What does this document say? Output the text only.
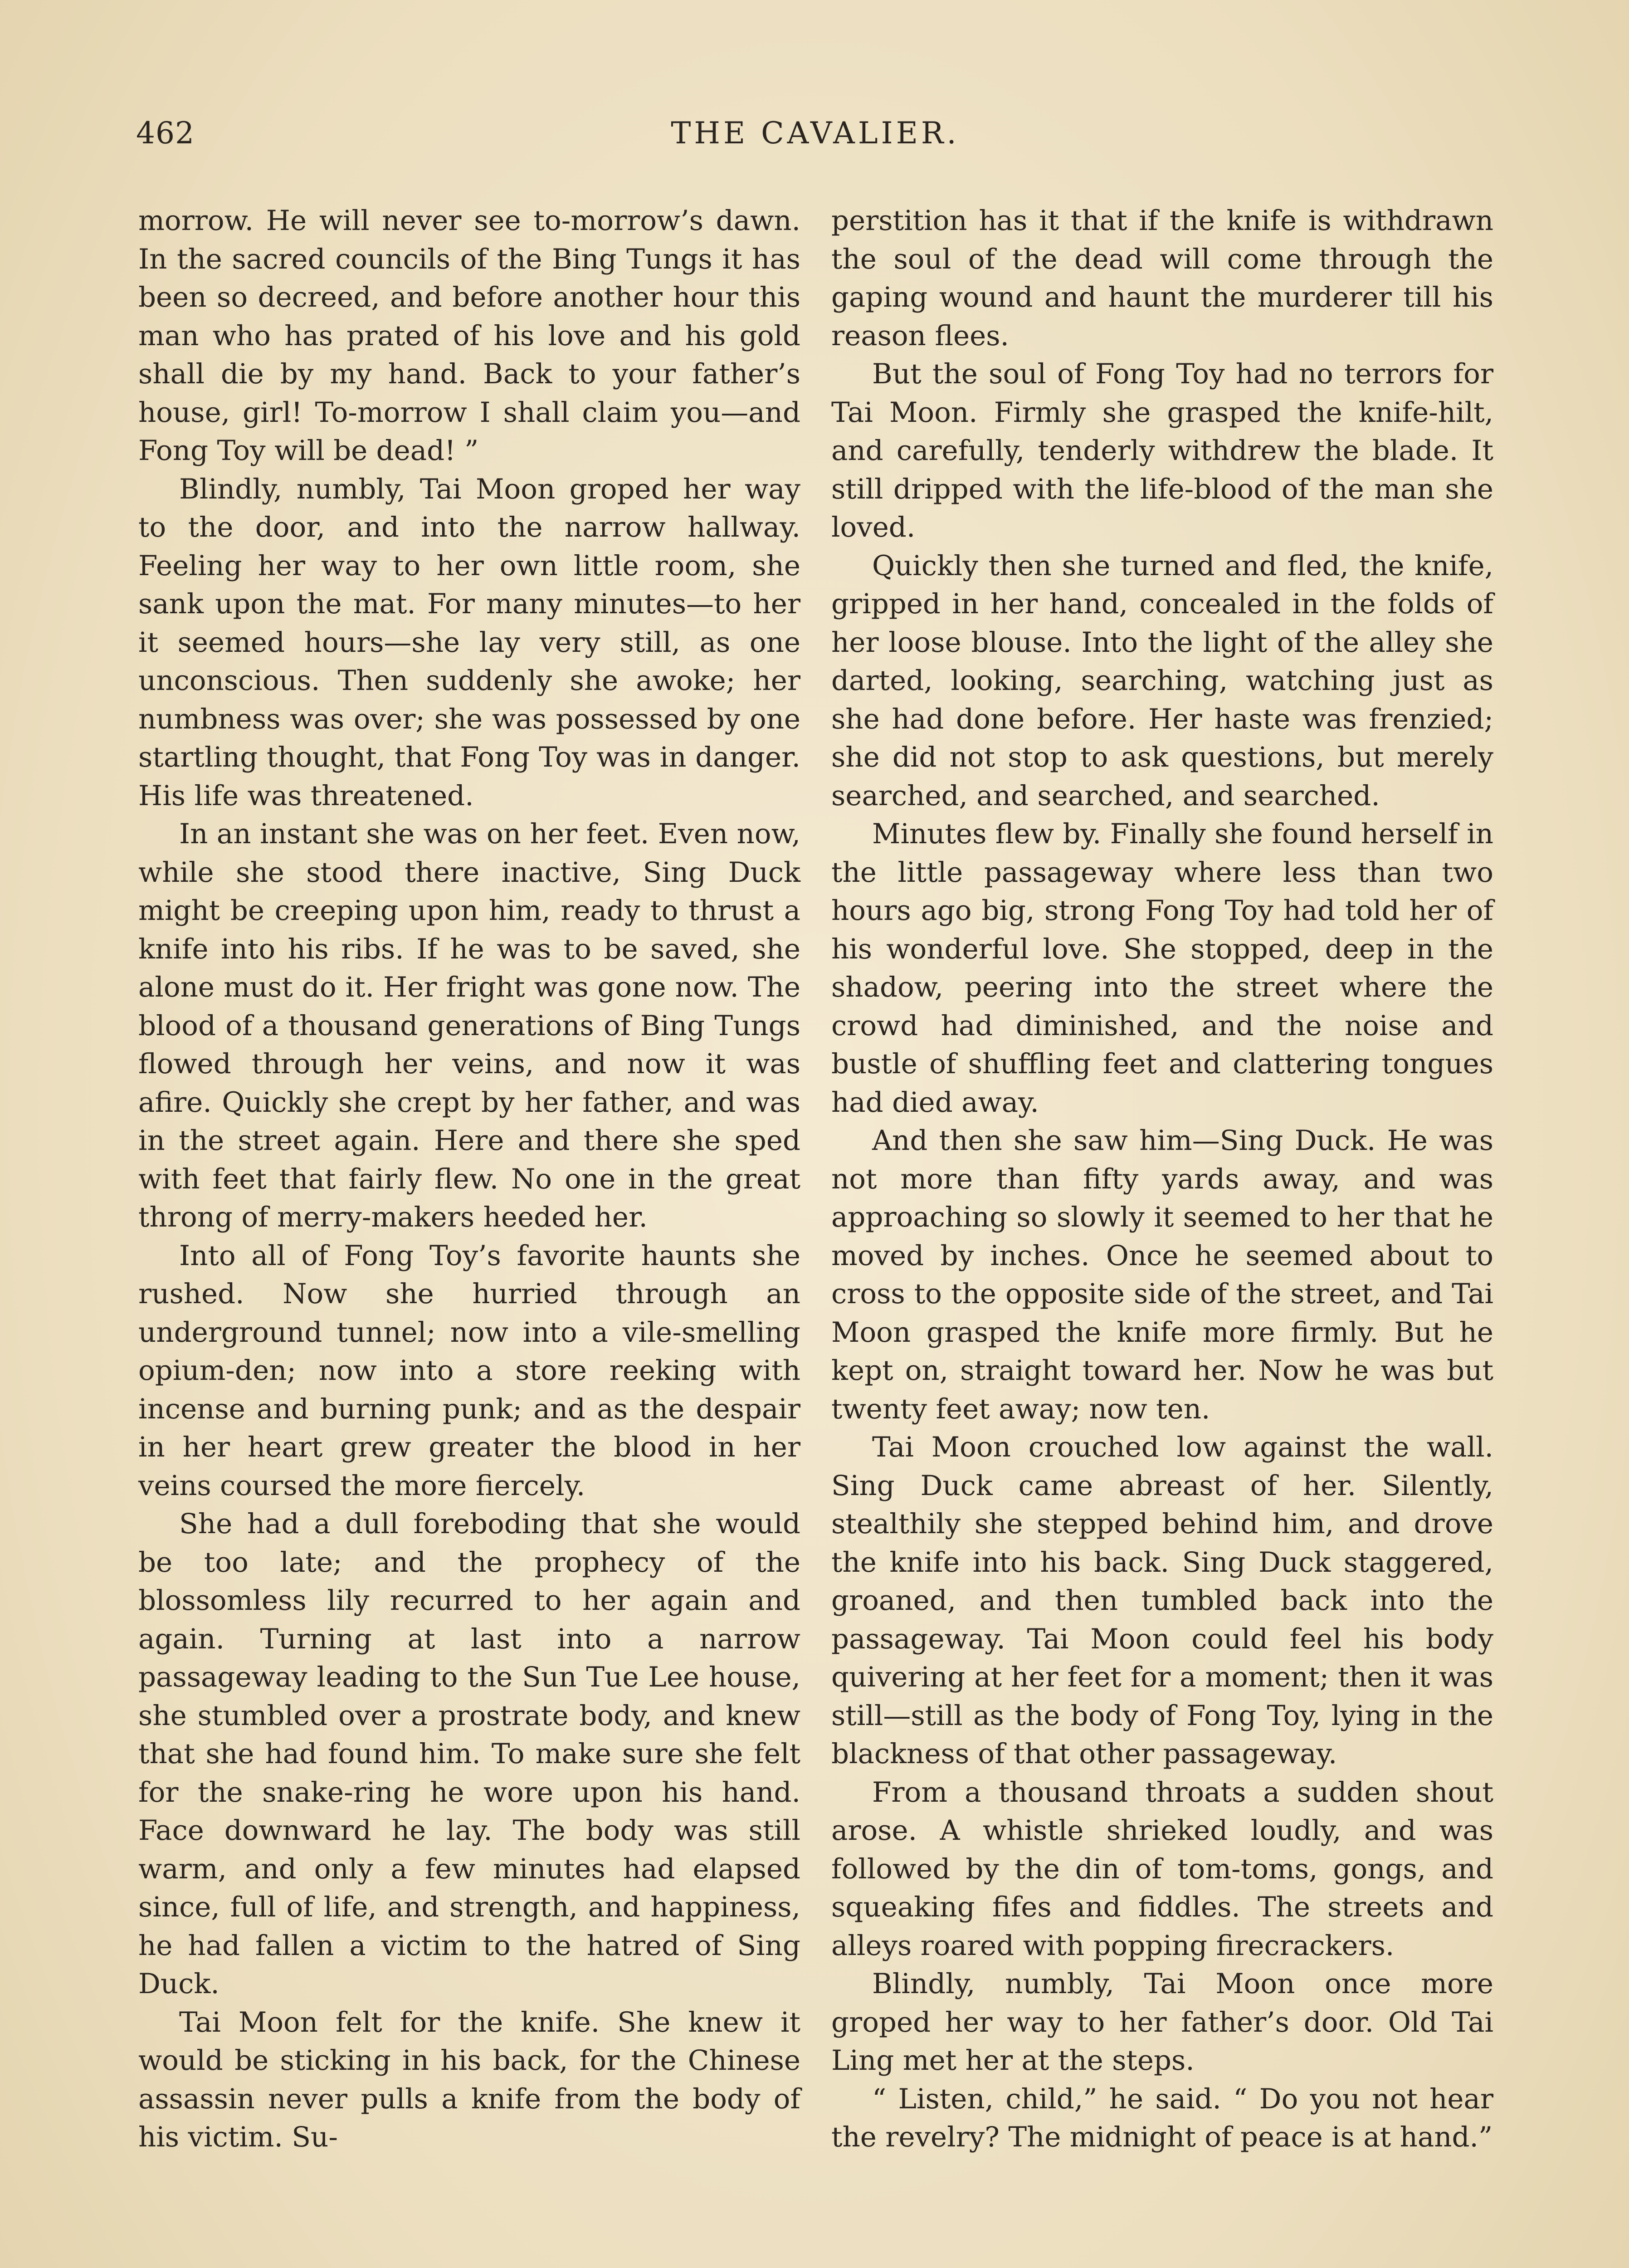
462	THE CAVALIER.

morrow. He will never see to-morrow’s dawn. In the sacred councils of the Bing Tungs it has been so decreed, and before another hour this man who has prated of his love and his gold shall die by my hand. Back to your father’s house, girl! To-morrow I shall claim you—and Fong Toy will be dead! ”

Blindly, numbly, Tai Moon groped her way to the door, and into the narrow hallway. Feeling her way to her own little room, she sank upon the mat. For many minutes—to her it seemed hours—she lay very still, as one unconscious. Then suddenly she awoke; her numbness was over; she was possessed by one startling thought, that Fong Toy was in danger. His life was threatened.

In an instant she was on her feet. Even now, while she stood there inactive, Sing Duck might be creeping upon him, ready to thrust a knife into his ribs. If he was to be saved, she alone must do it. Her fright was gone now. The blood of a thousand generations of Bing Tungs flowed through her veins, and now it was afire. Quickly she crept by her father, and was in the street again. Here and there she sped with feet that fairly flew. No one in the great throng of merry-makers heeded her.

Into all of Fong Toy’s favorite haunts she rushed. Now she hurried through an underground tunnel; now into a vile-smelling opium-den; now into a store reeking with incense and burning punk; and as the despair in her heart grew greater the blood in her veins coursed the more fiercely.

She had a dull foreboding that she would be too late; and the prophecy of the blossomless lily recurred to her again and again. Turning at last into a narrow passageway leading to the Sun Tue Lee house, she stumbled over a prostrate body, and knew that she had found him. To make sure she felt for the snake-ring he wore upon his hand. Face downward he lay. The body was still warm, and only a few minutes had elapsed since, full of life, and strength, and happiness, he had fallen a victim to the hatred of Sing Duck.

Tai Moon felt for the knife. She knew it would be sticking in his back, for the Chinese assassin never pulls a knife from the body of his victim. Su-

perstition has it that if the knife is withdrawn the soul of the dead will come through the gaping wound and haunt the murderer till his reason flees.

But the soul of Fong Toy had no terrors for Tai Moon. Firmly she grasped the knife-hilt, and carefully, tenderly withdrew the blade. It still dripped with the life-blood of the man she loved.

Quickly then she turned and fled, the knife, gripped in her hand, concealed in the folds of her loose blouse. Into the light of the alley she darted, looking, searching, watching just as she had done before. Her haste was frenzied; she did not stop to ask questions, but merely searched, and searched, and searched.

Minutes flew by. Finally she found herself in the little passageway where less than two hours ago big, strong Fong Toy had told her of his wonderful love. She stopped, deep in the shadow, peering into the street where the crowd had diminished, and the noise and bustle of shuffling feet and clattering tongues had died away.

And then she saw him—Sing Duck. He was not more than fifty yards away, and was approaching so slowly it seemed to her that he moved by inches. Once he seemed about to cross to the opposite side of the street, and Tai Moon grasped the knife more firmly. But he kept on, straight toward her. Now he was but twenty feet away; now ten.

Tai Moon crouched low against the wall. Sing Duck came abreast of her. Silently, stealthily she stepped behind him, and drove the knife into his back. Sing Duck staggered, groaned, and then tumbled back into the passageway. Tai Moon could feel his body quivering at her feet for a moment; then it was still—still as the body of Fong Toy, lying in the blackness of that other passageway.

From a thousand throats a sudden shout arose. A whistle shrieked loudly, and was followed by the din of tom-toms, gongs, and squeaking fifes and fiddles. The streets and alleys roared with popping firecrackers.

Blindly, numbly, Tai Moon once more groped her way to her father’s door. Old Tai Ling met her at the steps.

“ Listen, child,” he said. “ Do you not hear the revelry? The midnight of peace is at hand.”
